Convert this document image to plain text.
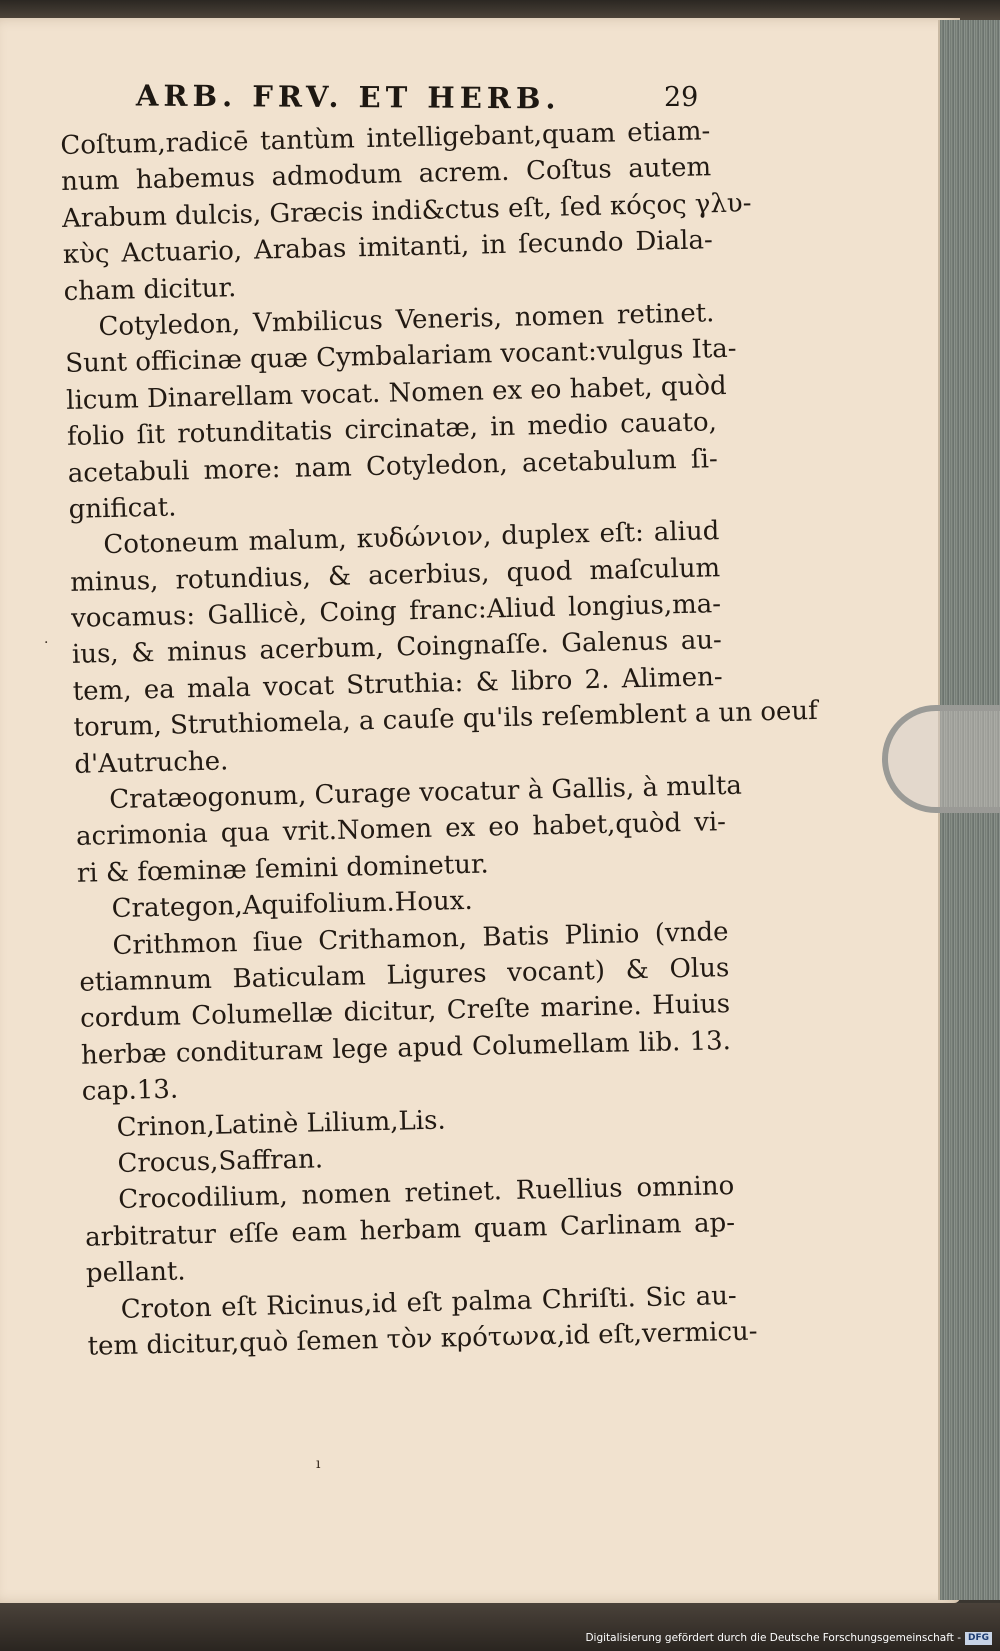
ARB. FRV. ET HERB.	29
Coſtum,radicē tantùm intelligebant,quam etiam-
num habemus admodum acrem. Coſtus autem
Arabum dulcis, Græcis indi&ctus eſt, ſed κόςος γλυ-
κὺς Actuario, Arabas imitanti, in ſecundo Diala-
cham dicitur.
Cotyledon, Vmbilicus Veneris, nomen retinet.
Sunt officinæ quæ Cymbalariam vocant:vulgus Ita-
licum Dinarellam vocat. Nomen ex eo habet, quòd
folio ſit rotunditatis circinatæ, in medio cauato,
acetabuli more: nam Cotyledon, acetabulum ſi-
gnificat.
Cotoneum malum, κυδώνιον, duplex eſt: aliud
minus, rotundius, & acerbius, quod maſculum
vocamus: Gallicè, Coing franc:Aliud longius,ma-
ius, & minus acerbum, Coingnaſſe. Galenus au-
tem, ea mala vocat Struthia: & libro 2. Alimen-
torum, Struthiomela, a cauſe qu'ils reſemblent a un oeuf
d'Autruche.
Cratæogonum, Curage vocatur à Gallis, à multa
acrimonia qua vrit.Nomen ex eo habet,quòd vi-
ri & fœminæ ſemini dominetur.
Crategon,Aquifolium.Houx.
Crithmon ſiue Crithamon, Batis Plinio (vnde
etiamnum Baticulam Ligures vocant) & Olus
cordum Columellæ dicitur, Creſte marine. Huius
herbæ conditurам lege apud Columellam lib. 13.
cap.13.
Crinon,Latinè Lilium,Lis.
Crocus,Saffran.
Crocodilium, nomen retinet. Ruellius omnino
arbitratur eſſe eam herbam quam Carlinam ap-
pellant.
Croton eſt Ricinus,id eſt palma Chriſti. Sic au-
tem dicitur,quò ſemen τὸν κρότωνα,id eſt,vermicu-
·
ı
Digitalisierung gefördert durch die Deutsche Forschungsgemeinschaft - DFG
